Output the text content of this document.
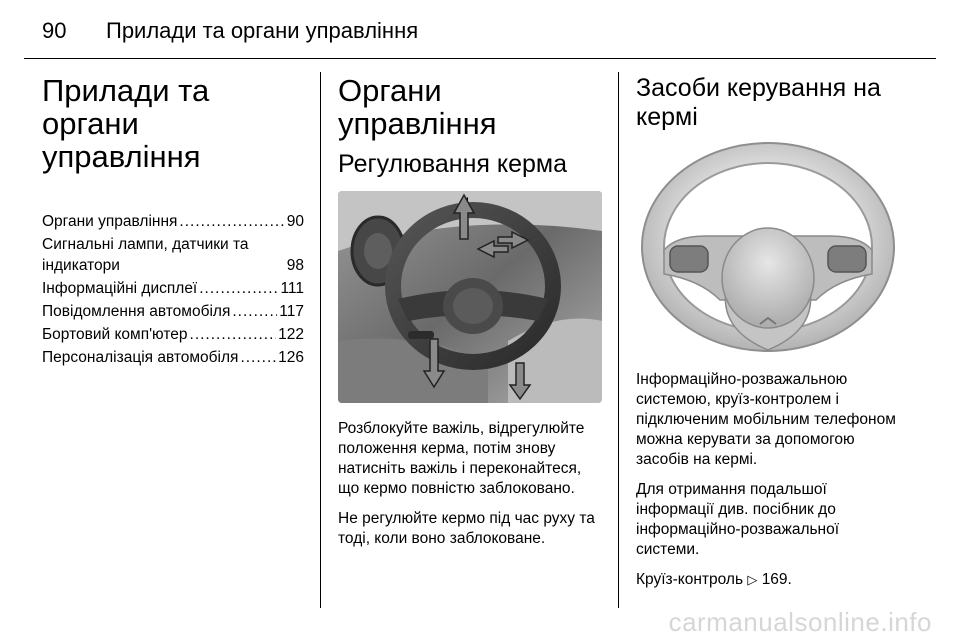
90	Прилади та органи управління
Прилади та органи
управління
Органи управління .....	90
Сигнальні лампи, датчики та
індикатори	98
Інформаційні дисплеї .....	111
Повідомлення автомобіля .....	117
Бортовий комп'ютер .....	122
Персоналізація автомобіля .....	126
Органи управління
Регулювання керма

Розблокуйте важіль, відрегулюйте положення керма, потім знову натисніть важіль і переконайтеся, що кермо повністю заблоковано.

Не регулюйте кермо під час руху та тоді, коли воно заблоковане.

Засоби керування на кермі

Інформаційно-розважальною системою, круїз-контролем і підключеним мобільним телефоном можна керувати за допомогою засобів на кермі.

Для отримання подальшої інформації див. посібник до інформаційно-розважальної системи.

Круїз-контроль ▷ 169.

carmanualsonline.info
